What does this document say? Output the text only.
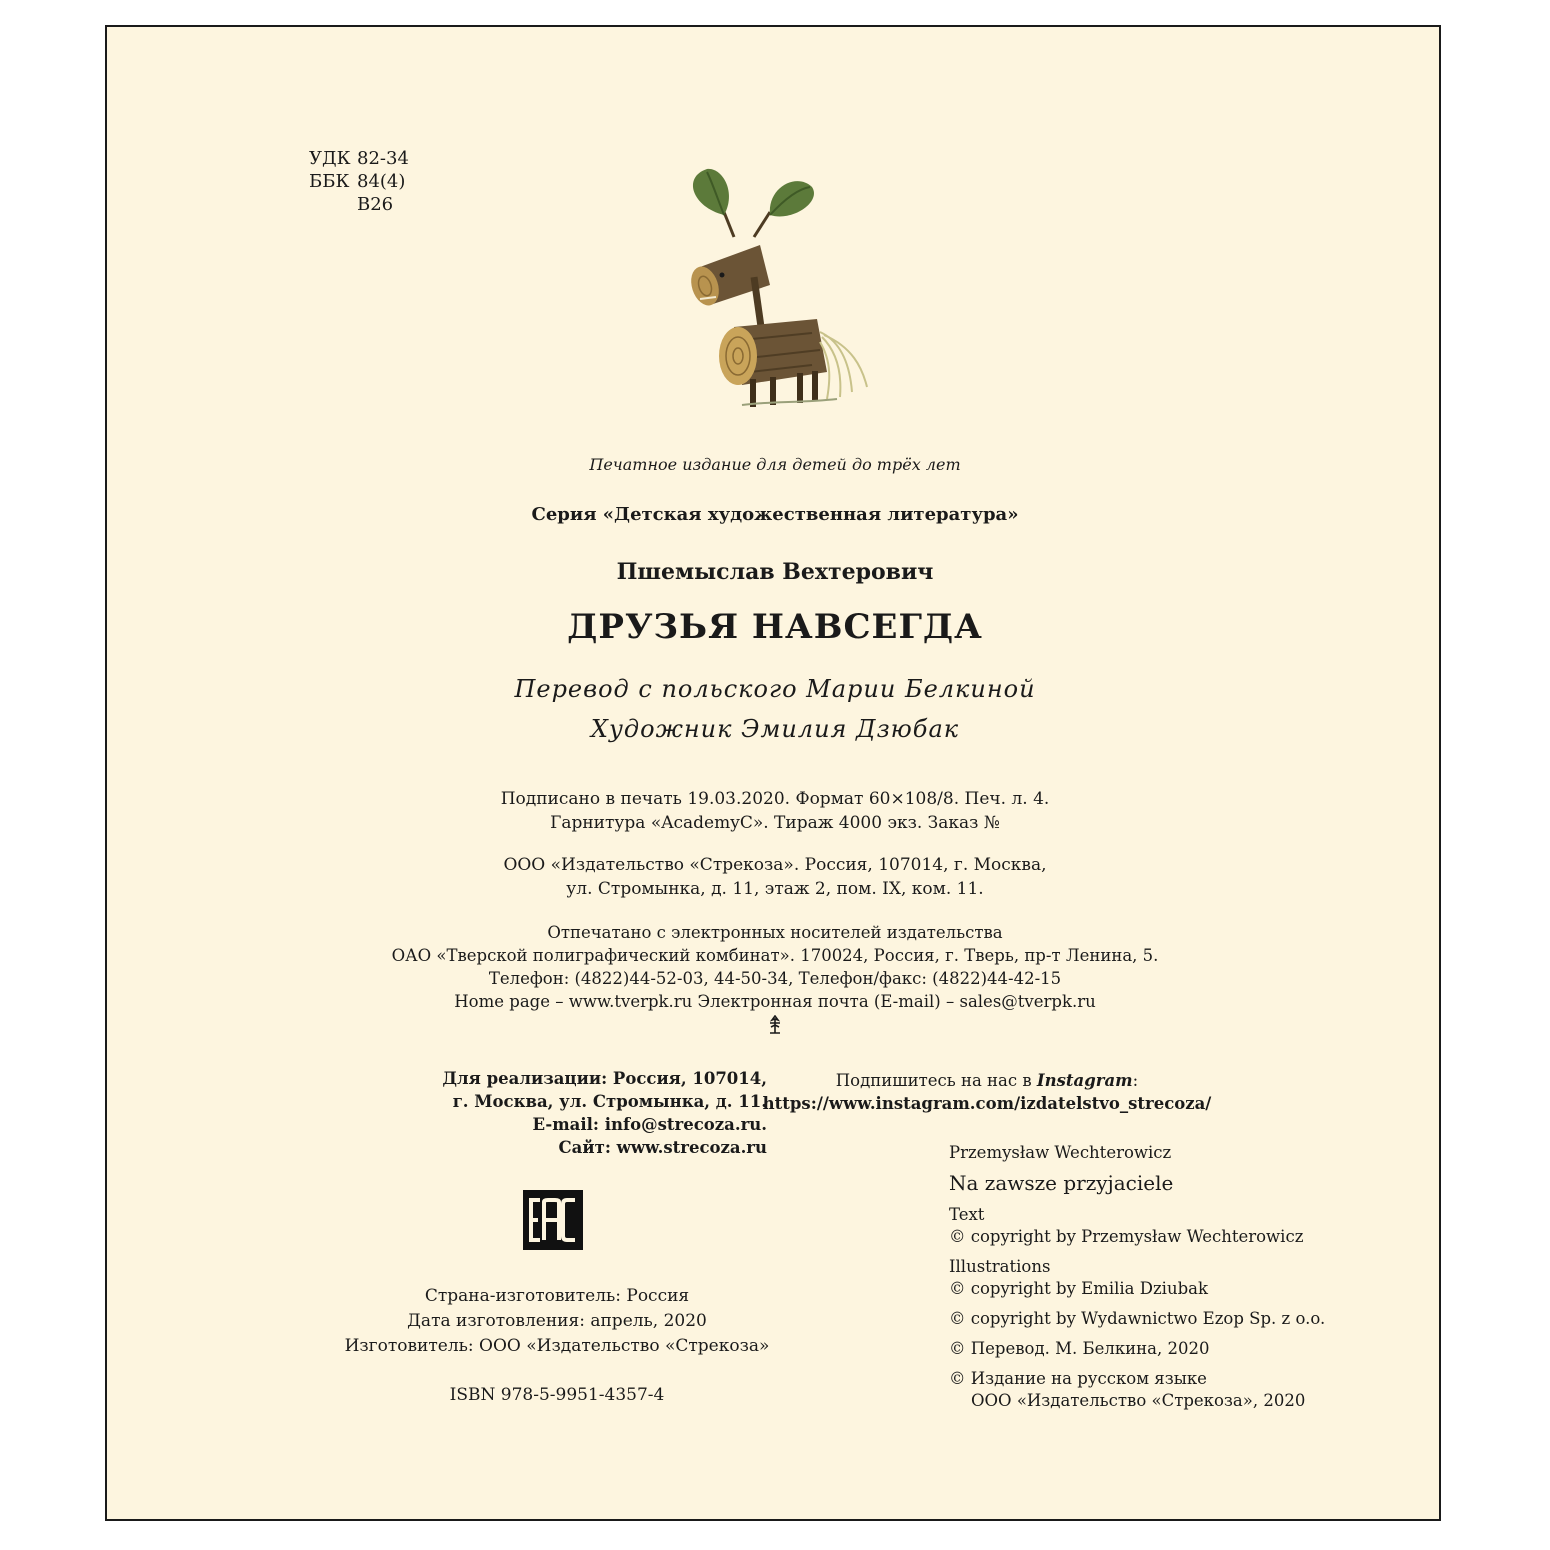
УДК 82-34
ББК 84(4)
В26
Печатное издание для детей до трёх лет
Серия «Детская художественная литература»
Пшемыслав Вехтерович
ДРУЗЬЯ НАВСЕГДА
Перевод с польского Марии Белкиной
Художник Эмилия Дзюбак
Подписано в печать 19.03.2020. Формат 60×108/8. Печ. л. 4.
Гарнитура «AcademyC». Тираж 4000 экз. Заказ №
ООО «Издательство «Стрекоза». Россия, 107014, г. Москва,
ул. Стромынка, д. 11, этаж 2, пом. IX, ком. 11.
Отпечатано с электронных носителей издательства
ОАО «Тверской полиграфический комбинат». 170024, Россия, г. Тверь, пр-т Ленина, 5.
Телефон: (4822)44-52-03, 44-50-34, Телефон/факс: (4822)44-42-15
Home page – www.tverpk.ru Электронная почта (E-mail) – sales@tverpk.ru
Для реализации: Россия, 107014,
г. Москва, ул. Стромынка, д. 11.
E-mail: info@strecoza.ru.
Сайт: www.strecoza.ru
Подпишитесь на нас в Instagram:
https://www.instagram.com/izdatelstvo_strecoza/
Страна-изготовитель: Россия
Дата изготовления: апрель, 2020
Изготовитель: ООО «Издательство «Стрекоза»
ISBN 978-5-9951-4357-4
Przemysław Wechterowicz
Na zawsze przyjaciele
Text
© copyright by Przemysław Wechterowicz
Illustrations
© copyright by Emilia Dziubak
© copyright by Wydawnictwo Ezop Sp. z o.o.
© Перевод. М. Белкина, 2020
© Издание на русском языке
ООО «Издательство «Стрекоза», 2020
